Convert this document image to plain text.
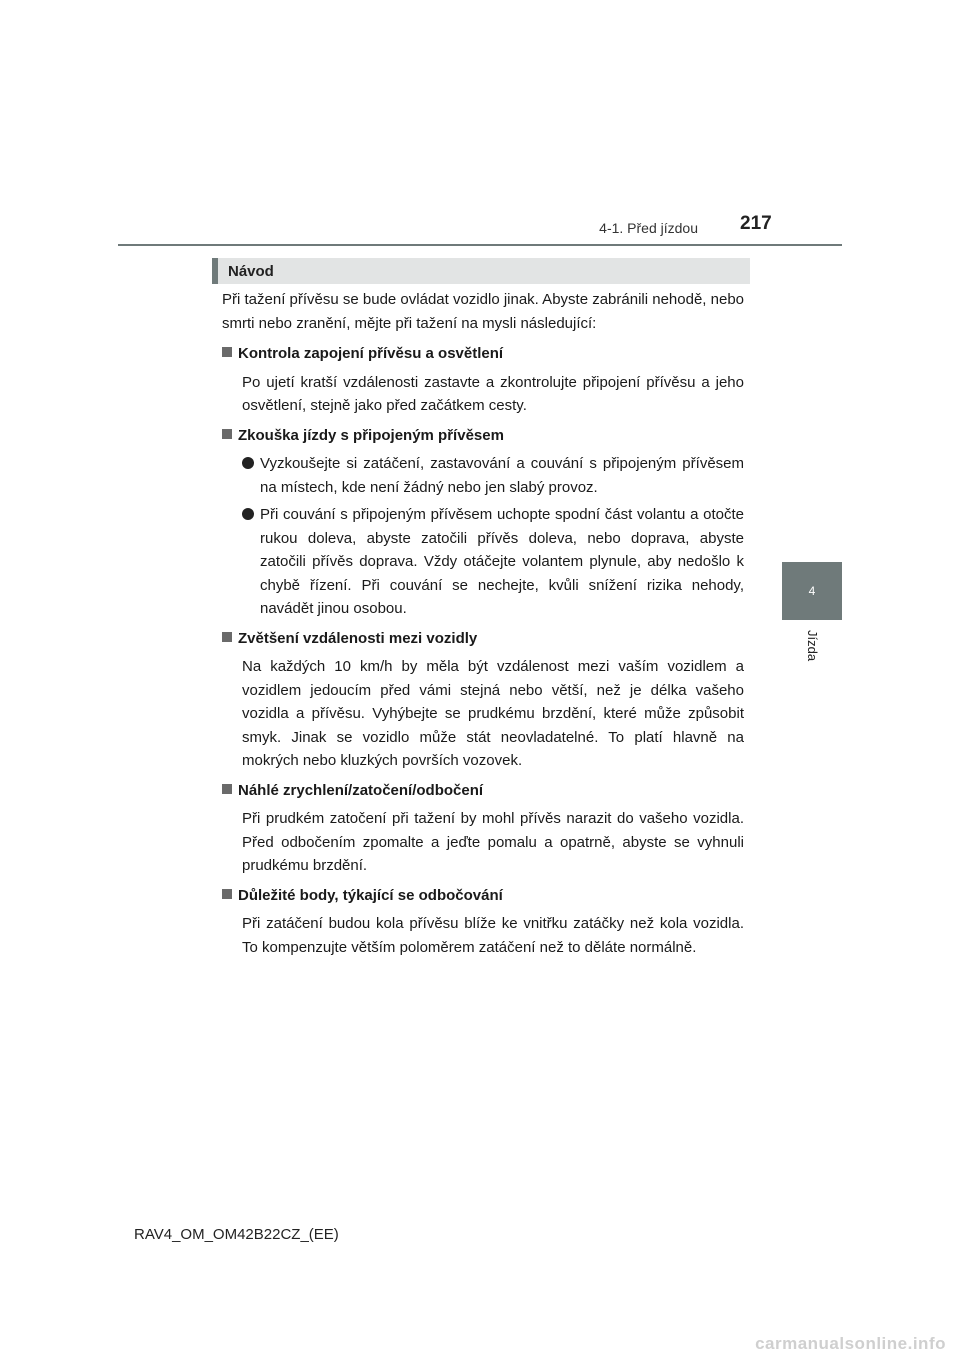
4-1. Před jízdou 217
4
Jízda
Návod

Při tažení přívěsu se bude ovládat vozidlo jinak. Abyste zabránili nehodě, nebo smrti nebo zranění, mějte při tažení na mysli následující:

Kontrola zapojení přívěsu a osvětlení

Po ujetí kratší vzdálenosti zastavte a zkontrolujte připojení přívěsu a jeho osvětlení, stejně jako před začátkem cesty.

Zkouška jízdy s připojeným přívěsem
Vyzkoušejte si zatáčení, zastavování a couvání s připojeným přívěsem na místech, kde není žádný nebo jen slabý provoz.
Při couvání s připojeným přívěsem uchopte spodní část volantu a otočte rukou doleva, abyste zatočili přívěs doleva, nebo doprava, abyste zatočili přívěs doprava. Vždy otáčejte volantem plynule, aby nedošlo k chybě řízení. Při couvání se nechejte, kvůli snížení rizika nehody, navádět jinou osobou.
Zvětšení vzdálenosti mezi vozidly

Na každých 10 km/h by měla být vzdálenost mezi vaším vozidlem a vozidlem jedoucím před vámi stejná nebo větší, než je délka vašeho vozidla a přívěsu. Vyhýbejte se prudkému brzdění, které může způsobit smyk. Jinak se vozidlo může stát neovladatelné. To platí hlavně na mokrých nebo kluzkých površích vozovek.

Náhlé zrychlení/zatočení/odbočení

Při prudkém zatočení při tažení by mohl přívěs narazit do vašeho vozidla. Před odbočením zpomalte a jeďte pomalu a opatrně, abyste se vyhnuli prudkému brzdění.

Důležité body, týkající se odbočování

Při zatáčení budou kola přívěsu blíže ke vnitřku zatáčky než kola vozidla. To kompenzujte větším poloměrem zatáčení než to děláte normálně.

RAV4_OM_OM42B22CZ_(EE)
carmanualsonline.info
